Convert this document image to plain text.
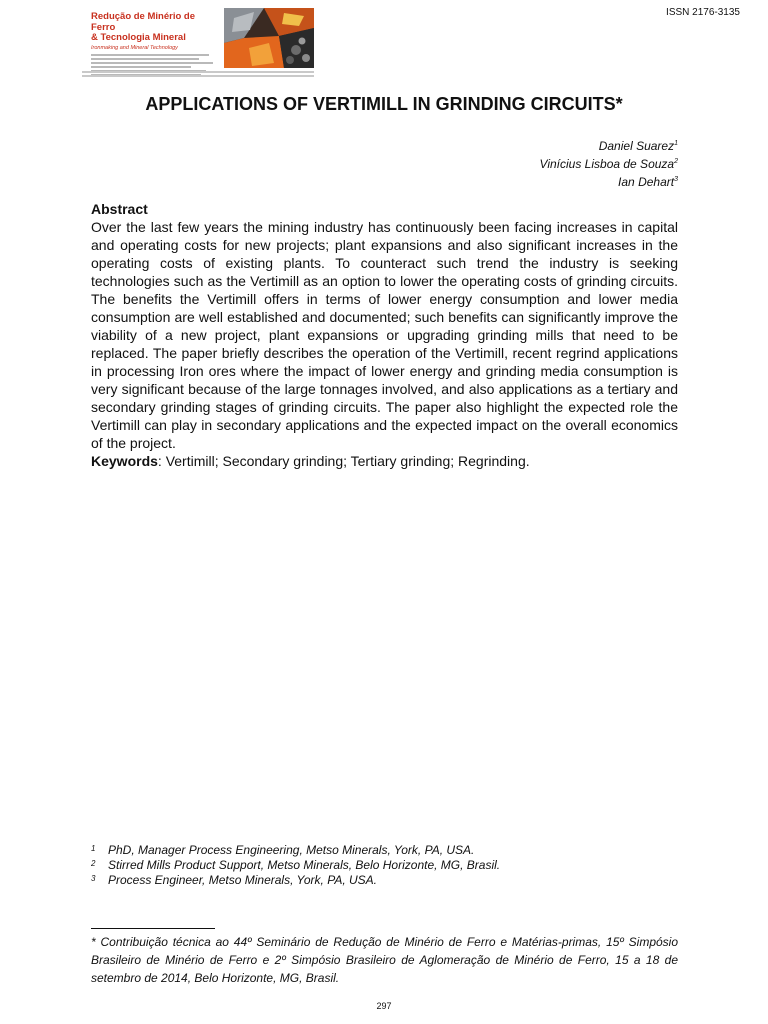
ISSN 2176-3135
Redução de Minério de Ferro
& Tecnologia Mineral
Ironmaking and Mineral Technology
APPLICATIONS OF VERTIMILL IN GRINDING CIRCUITS*
Daniel Suarez$^1$
Vinícius Lisboa de Souza$^2$
Ian Dehart$^3$

Abstract

Over the last few years the mining industry has continuously been facing increases in capital and operating costs for new projects; plant expansions and also significant increases in the operating costs of existing plants. To counteract such trend the industry is seeking technologies such as the Vertimill as an option to lower the operating costs of grinding circuits. The benefits the Vertimill offers in terms of lower energy consumption and lower media consumption are well established and documented; such benefits can significantly improve the viability of a new project, plant expansions or upgrading grinding mills that need to be replaced. The paper briefly describes the operation of the Vertimill, recent regrind applications in processing Iron ores where the impact of lower energy and grinding media consumption is very significant because of the large tonnages involved, and also applications as a tertiary and secondary grinding stages of grinding circuits. The paper also highlight the expected role the Vertimill can play in secondary applications and the expected impact on the overall economics of the project.

Keywords: Vertimill; Secondary grinding; Tertiary grinding; Regrinding.

1	PhD, Manager Process Engineering, Metso Minerals, York, PA, USA.
2	Stirred Mills Product Support, Metso Minerals, Belo Horizonte, MG, Brasil.
3	Process Engineer, Metso Minerals, York, PA, USA.

* Contribuição técnica ao 44º Seminário de Redução de Minério de Ferro e Matérias-primas, 15º Simpósio Brasileiro de Minério de Ferro e 2º Simpósio Brasileiro de Aglomeração de Minério de Ferro, 15 a 18 de setembro de 2014, Belo Horizonte, MG, Brasil.

297
